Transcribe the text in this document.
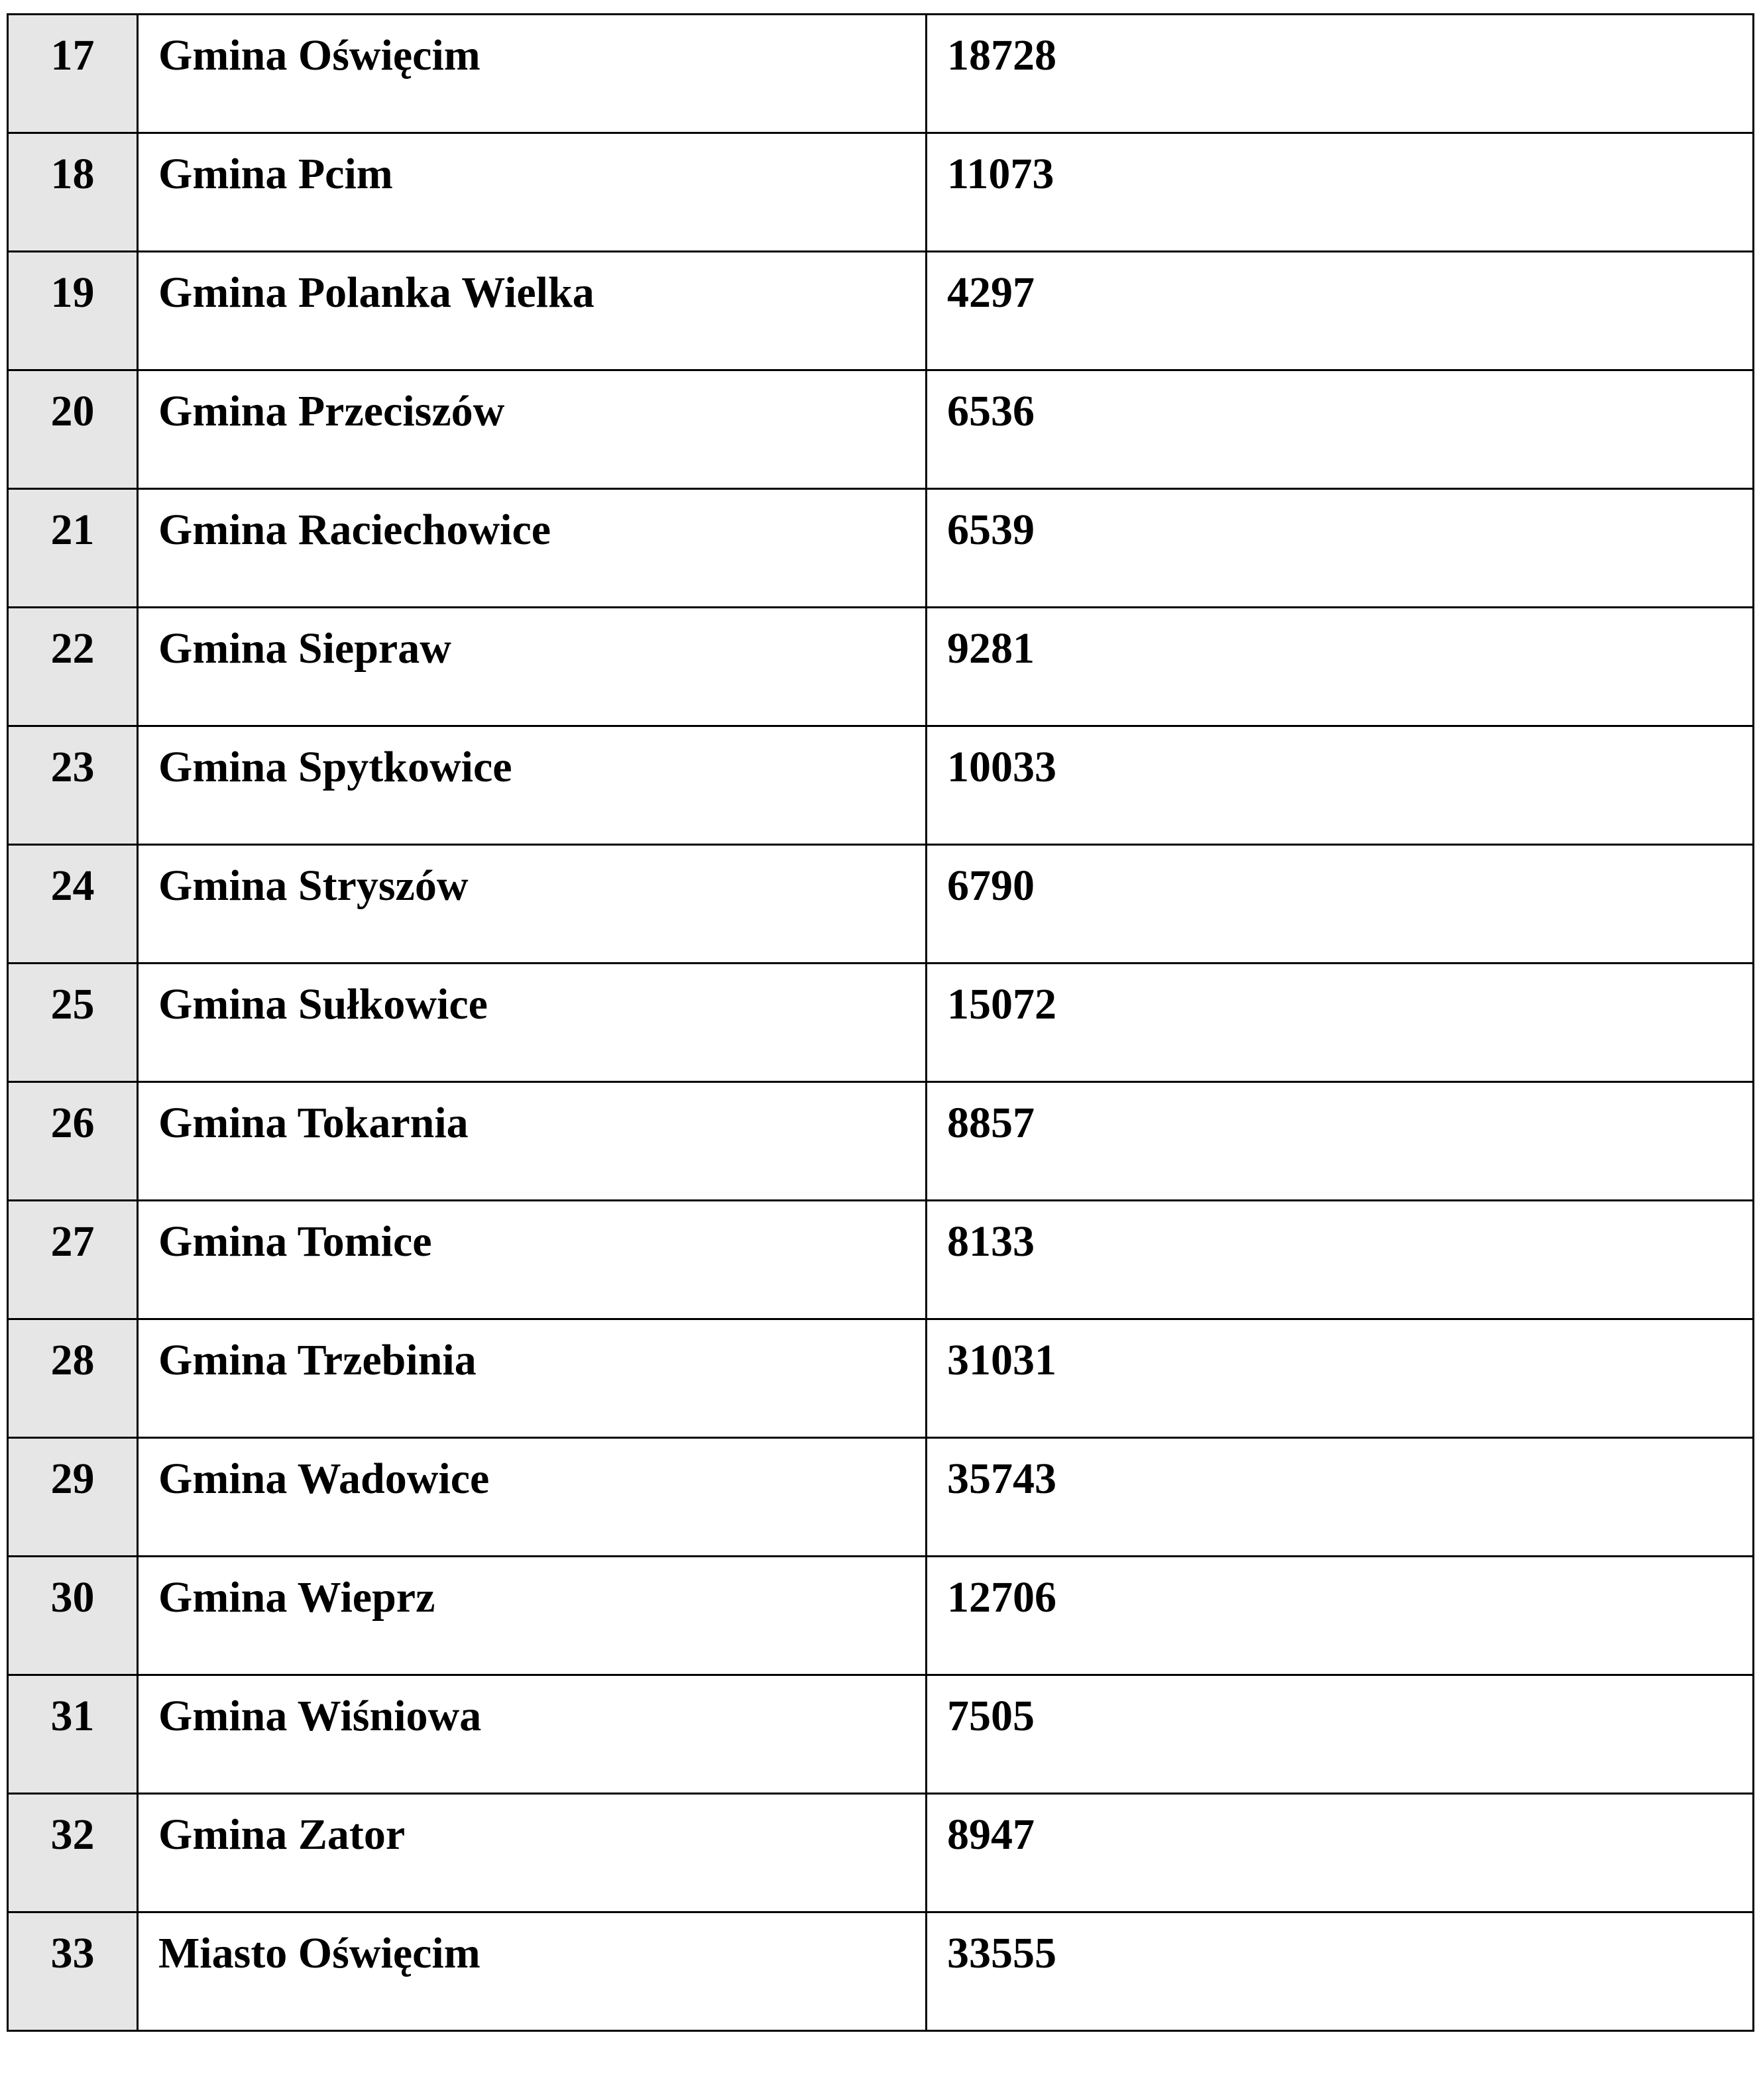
17	Gmina Oświęcim	18728

18	Gmina Pcim	11073

19	Gmina Polanka Wielka	4297

20	Gmina Przeciszów	6536

21	Gmina Raciechowice	6539

22	Gmina Siepraw	9281

23	Gmina Spytkowice	10033

24	Gmina Stryszów	6790

25	Gmina Sułkowice	15072

26	Gmina Tokarnia	8857

27	Gmina Tomice	8133

28	Gmina Trzebinia	31031

29	Gmina Wadowice	35743

30	Gmina Wieprz	12706

31	Gmina Wiśniowa	7505

32	Gmina Zator	8947

33	Miasto Oświęcim	33555
